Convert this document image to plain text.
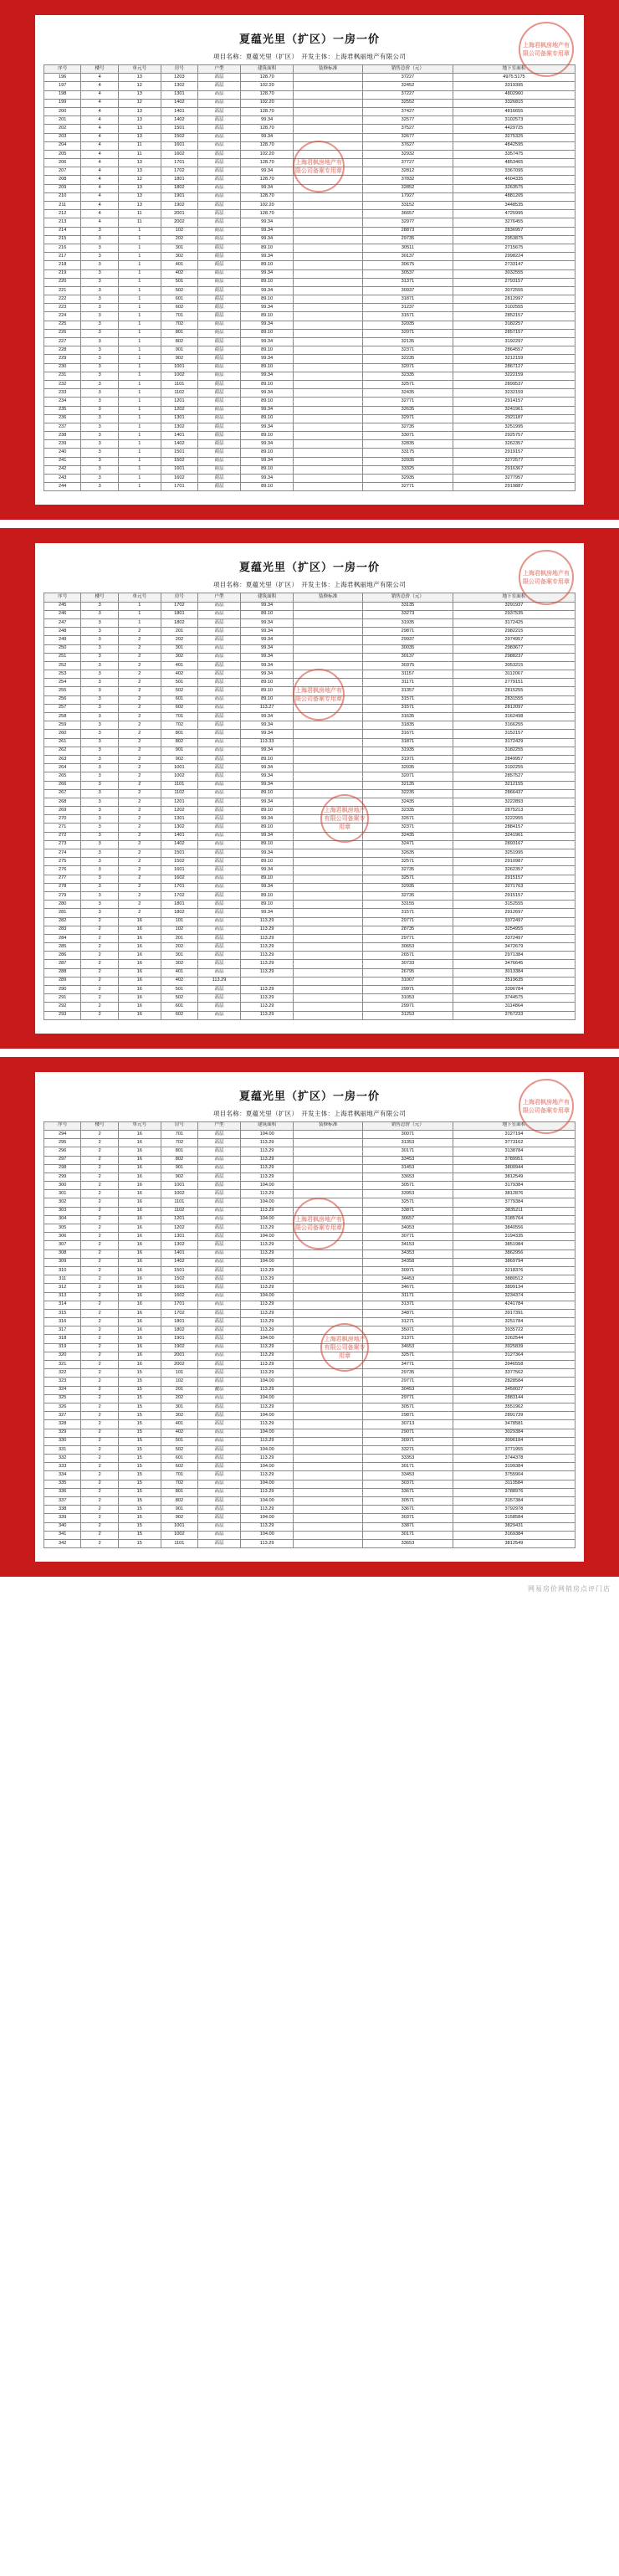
夏蕴光里（扩区）一房一价
项目名称：夏蕴光里（扩区）　开发主体：上海君枫丽地产有限公司
序号	楼号	单元号	房号	户型	建筑面积	装修标准	销售总价（元）	地下室面积
196	4	13	1203	高层	128.70		37227	4975.5175
197	4	12	1302	高层	102.20		32452	3319395
198	4	13	1301	高层	128.70		37227	4802960
199	4	12	1402	高层	102.20		32552	3326815
200	4	13	1401	高层	128.70		37427	4816655
201	4	13	1402	高层	99.34		32577	3102573
202	4	13	1501	高层	128.70		37527	4429725
203	4	13	1502	高层	99.34		32677	3275325
204	4	11	1601	高层	128.70		37627	4842595
205	4	11	1602	高层	102.20		32932	3357475
206	4	13	1701	高层	128.70		37727	4853465
207	4	13	1702	高层	99.34		32812	3367095
208	4	12	1801	高层	128.70		37832	4604335
209	4	13	1802	高层	99.34		32852	3263575
210	4	13	1901	高层	128.70		17927	4881205
211	4	13	1902	高层	102.20		33152	3448535
212	4	11	2001	高层	128.70		36657	4725995
213	4	11	2002	高层	99.34		32977	3276455
214	3	1	102	商层	99.34		28873	2836957
215	3	1	202	商层	99.34		29735	2953875
216	3	1	301	商层	89.10		30511	2715675
217	3	1	302	商层	99.34		30137	2998224
218	3	1	401	商层	89.10		30675	2733147
219	3	1	402	商层	99.34		30537	3032555
220	3	1	501	商层	89.10		31371	2793157
221	3	1	502	商层	99.34		30937	3072555
222	3	1	601	商层	89.10		31871	2812997
223	3	1	602	商层	99.34		31237	3102555
224	3	1	701	商层	89.10		31571	2852157
225	3	1	702	商层	99.34		32035	3182257
226	3	1	801	商层	89.10		32071	2857157
227	3	1	802	商层	99.34		32135	3192297
228	3	1	901	商层	89.10		32371	2864557
229	3	1	902	商层	99.34		32235	3212159
230	3	1	1001	商层	89.10		32071	2867127
231	3	1	1002	商层	99.34		32335	3222159
232	3	1	1101	商层	89.10		32571	2899537
233	3	1	1102	商层	99.34		32435	3232159
234	3	1	1201	商层	89.10		32771	2914157
235	3	1	1202	商层	99.34		32635	3241961
236	3	1	1301	商层	89.10		32971	2921187
237	3	1	1302	商层	99.34		32735	3251995
238	3	1	1401	商层	89.10		33071	2925757
239	3	1	1402	商层	99.34		32835	3262357
240	3	1	1501	商层	89.10		33175	2919157
241	3	1	1502	商层	99.34		32935	3272577
242	3	1	1601	商层	89.10		33325	2916367
243	3	1	1602	商层	99.34		32935	3277957
244	3	1	1701	商层	89.10		32771	2919887
上海君枫房地产有限公司备案专用章
上海君枫房地产有限公司备案专用章
夏蕴光里（扩区）一房一价
项目名称：夏蕴光里（扩区）　开发主体：上海君枫丽地产有限公司
序号	楼号	单元号	房号	户型	建筑面积	装修标准	销售总价（元）	地下室面积
245	3	1	1702	高层	99.34		33135	3291937
246	3	1	1801	高层	89.10		33273	2937535
247	3	1	1802	高层	99.34		31935	3172425
248	3	2	201	高层	99.34		29871	2982215
249	3	2	202	高层	99.34		29937	2974957
250	3	2	301	高层	99.34		30035	2983677
251	3	2	302	高层	99.34		30137	2988237
252	3	2	401	高层	99.34		30375	3053215
253	3	2	402	高层	99.34		31157	3112067
254	3	2	501	高层	89.10		31171	2779151
255	3	2	502	高层	89.10		31357	2815255
256	3	2	601	高层	89.10		31571	2831555
257	3	2	602	高层	113.27		31571	2812097
258	3	2	701	高层	99.34		31635	3162498
259	3	2	702	高层	99.34		31835	3166255
260	3	2	801	高层	99.34		31671	3152157
261	3	2	802	高层	113.33		31871	3172429
262	3	2	901	高层	99.34		31935	3182255
263	3	2	902	高层	89.10		31971	2849957
264	3	2	1001	高层	99.34		32035	3192255
265	3	2	1002	高层	99.34		32071	2857527
266	3	2	1101	高层	99.34		32135	3212155
267	3	2	1102	高层	89.10		32235	2866437
268	3	2	1201	高层	99.34		32435	3222893
269	3	2	1202	高层	89.10		32335	2875213
270	3	2	1301	高层	99.34		32671	3222955
271	3	2	1302	高层	89.10		32371	2884157
272	3	2	1401	高层	99.34		32435	3241961
273	3	2	1402	高层	89.10		32471	2893167
274	3	2	1501	高层	99.34		32635	3251995
275	3	2	1502	高层	89.10		32571	2910987
276	3	2	1601	高层	99.34		32735	3262357
277	3	2	1602	高层	89.10		32571	2915157
278	3	2	1701	高层	99.34		32935	3271763
279	3	2	1702	高层	89.10		32735	2915157
280	3	2	1801	高层	89.10		33155	3152555
281	3	2	1802	高层	99.34		31571	2912697
282	2	16	101	高层	113.29		29771	3372497
283	2	16	102	高层	113.29		28735	3254955
284	2	16	201	高层	113.29		29771	3372497
285	2	16	202	高层	113.29		30653	3472679
286	2	16	301	高层	113.29		26571	2971384
287	2	16	302	高层	113.29		30733	3476645
288	2	16	401	高层	113.29		26795	3013384
289	2	16	402	113.29			31007	3519635
290	2	16	501	高层	113.29		29971	3396784
291	2	16	502	高层	113.29		31053	3744575
292	2	16	601	高层	113.29		29971	3114864
293	2	16	602	高层	113.29		31253	3767233
上海君枫房地产有限公司备案专用章
上海君枫房地产有限公司备案专用章
上海君枫房地产有限公司备案专用章
夏蕴光里（扩区）一房一价
项目名称：夏蕴光里（扩区）　开发主体：上海君枫丽地产有限公司
序号	楼号	单元号	房号	户型	建筑面积	装修标准	销售总价（元）	地下室面积
294	2	16	701	高层	104.00		30071	3127194
295	2	16	702	高层	113.29		31353	3773162
296	2	16	801	高层	113.29		30171	3138784
297	2	16	802	高层	113.29		33453	3789951
298	2	16	901	高层	113.29		31453	3800944
299	2	16	902	高层	113.29		33653	3812549
300	2	16	1001	高层	104.00		30571	3179384
301	2	16	1002	高层	113.29		33953	3812876
302	2	16	1101	高层	104.00		32571	3779384
303	2	16	1102	高层	113.29		33871	3835211
304	2	16	1201	高层	104.00		30657	3185764
305	2	16	1202	高层	113.29		34053	3840556
306	2	16	1301	高层	104.00		30771	3194335
307	2	16	1302	高层	113.29		34153	3851984
308	2	16	1401	高层	113.29		34353	3862956
309	2	16	1402	高层	104.00		34358	3869794
310	2	16	1501	高层	113.29		30971	3218376
311	2	16	1502	高层	113.29		34453	3880512
312	2	16	1601	高层	113.29		34671	3899134
313	2	16	1602	高层	104.00		31171	3234374
314	2	16	1701	高层	113.29		31371	4241784
315	2	16	1702	高层	113.29		34871	3917391
316	2	16	1801	高层	113.29		31271	3251784
317	2	16	1802	高层	113.29		35071	3935722
318	2	16	1901	高层	104.00		31371	3262544
319	2	16	1902	高层	113.29		34653	3925839
320	2	16	2001	高层	113.29		32571	3127364
321	2	16	2002	高层	113.29		34771	3946558
322	2	15	101	高层	113.29		29735	3377562
323	2	15	102	高层	104.00		29771	2828584
324	2	15	201	激层	113.29		30453	3450027
325	2	15	202	高层	104.00		29771	2883144
326	2	15	301	高层	113.29		30571	3551962
327	2	15	302	高层	104.00		29871	2891739
328	2	15	401	高层	113.29		30713	3478581
329	2	15	402	高层	104.00		29071	3029384
330	2	15	501	高层	113.29		30971	3096184
331	2	15	502	高层	104.00		33271	3771955
332	2	15	601	高层	113.29		33353	3744378
333	2	15	602	高层	104.00		30171	3199384
334	2	15	701	高层	113.29		33453	3755904
335	2	15	702	高层	104.00		30371	3113584
336	2	15	801	高层	113.29		33671	3788976
337	2	15	802	高层	104.00		30571	3157384
338	2	15	901	高层	113.29		33671	3792978
339	2	15	902	高层	104.00		30371	3158584
340	2	15	1001	高层	113.29		33871	3829431
341	2	15	1002	高层	104.00		30171	3169384
342	2	15	1101	高层	113.29		33653	3812549
上海君枫房地产有限公司备案专用章
上海君枫房地产有限公司备案专用章
上海君枫房地产有限公司备案专用章
网易房价网销房点评门店
